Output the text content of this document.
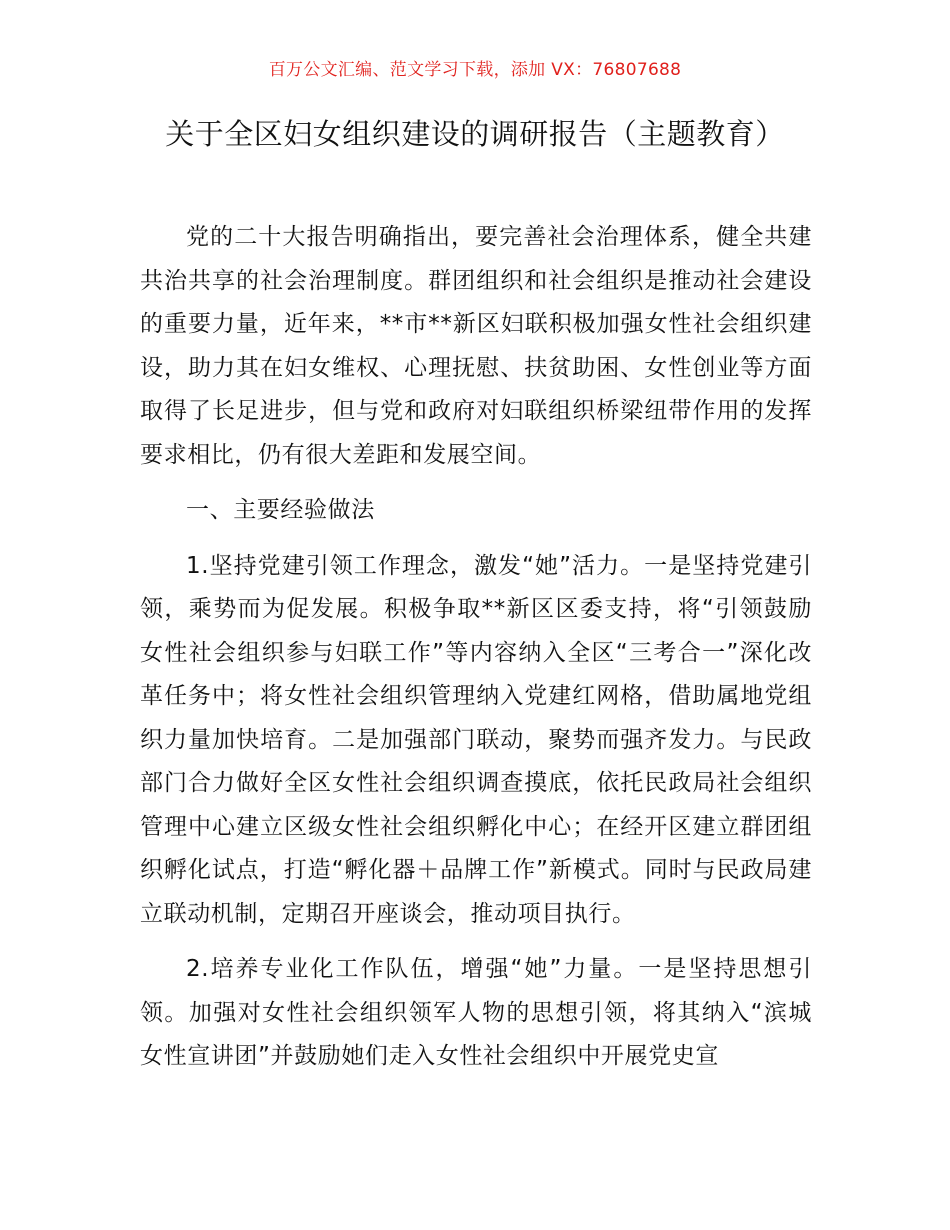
百万公文汇编、范文学习下载，添加 VX：76807688
关于全区妇女组织建设的调研报告（主题教育）

党的二十大报告明确指出，要完善社会治理体系，健全共建共治共享的社会治理制度。群团组织和社会组织是推动社会建设的重要力量，近年来，**市**新区妇联积极加强女性社会组织建设，助力其在妇女维权、心理抚慰、扶贫助困、女性创业等方面取得了长足进步，但与党和政府对妇联组织桥梁纽带作用的发挥要求相比，仍有很大差距和发展空间。

一、主要经验做法

1.坚持党建引领工作理念，激发“她”活力。一是坚持党建引领，乘势而为促发展。积极争取**新区区委支持，将“引领鼓励女性社会组织参与妇联工作”等内容纳入全区“三考合一”深化改革任务中；将女性社会组织管理纳入党建红网格，借助属地党组织力量加快培育。二是加强部门联动，聚势而强齐发力。与民政部门合力做好全区女性社会组织调查摸底，依托民政局社会组织管理中心建立区级女性社会组织孵化中心；在经开区建立群团组织孵化试点，打造“孵化器＋品牌工作”新模式。同时与民政局建立联动机制，定期召开座谈会，推动项目执行。

2.培养专业化工作队伍，增强“她”力量。一是坚持思想引领。加强对女性社会组织领军人物的思想引领，将其纳入“滨城女性宣讲团”并鼓励她们走入女性社会组织中开展党史宣
